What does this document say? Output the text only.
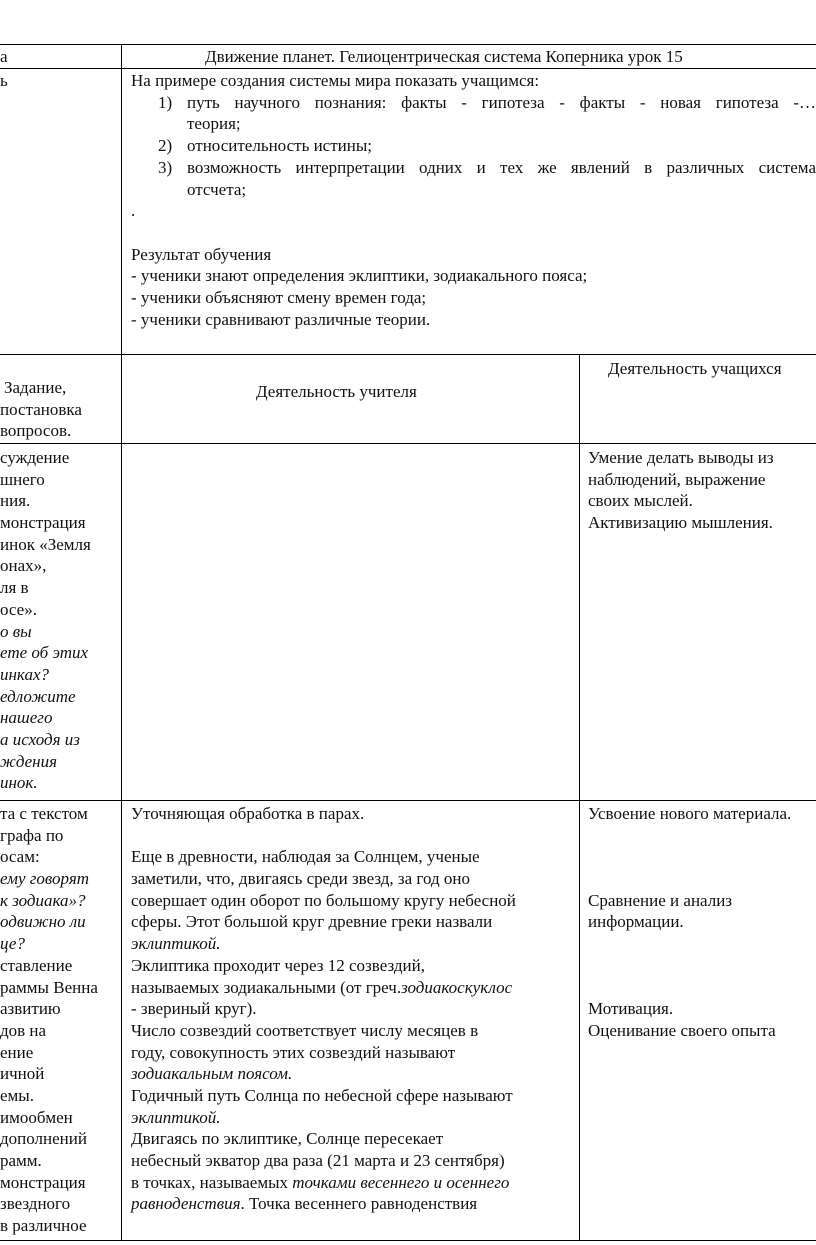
а	Движение планет. Гелиоцентрическая система Коперника урок 15
ь	На примере создания системы мира показать учащимся:
1) путь научного познания: факты - гипотеза - факты - новая гипотеза -…
теория;
2) относительность истины;
3) возможность интерпретации одних и тех же явлений в различных система
отсчета;
.
Результат обучения
- ученики знают определения эклиптики, зодиакального пояса;
- ученики объясняют смену времен года;
- ученики сравнивают различные теории.
Задание,
постановка
вопросов.
Деятельность учителя
Деятельность учащихся
суждение
шнего
ния.
монстрация
инок «Земля
онах»,
ля в
осе».
о вы
ете об этих
инках?
едложите
нашего
а исходя из
ждения
инок.
Умение делать выводы из
наблюдений, выражение
своих мыслей.
Активизацию мышления.
та с текстом
графа по
осам:
ему говорят
к зодиака»?
одвижно ли
це?
ставление
раммы Венна
азвитию
дов на
ение
ичной
емы.
имообмен
дополнений
рамм.
монстрация
звездного
в различное
Уточняющая обработка в парах.
Еще в древности, наблюдая за Солнцем, ученые
заметили, что, двигаясь среди звезд, за год оно
совершает один оборот по большому кругу небесной
сферы. Этот большой круг древние греки назвали
эклиптикой.
Эклиптика проходит через 12 созвездий,
называемых зодиакальными (от греч.зодиакоскуклос
- звериный круг).
Число созвездий соответствует числу месяцев в
году, совокупность этих созвездий называют
зодиакальным поясом.
Годичный путь Солнца по небесной сфере называют
эклиптикой.
Двигаясь по эклиптике, Солнце пересекает
небесный экватор два раза (21 марта и 23 сентября)
в точках, называемых точками весеннего и осеннего
равноденствия. Точка весеннего равноденствия
Усвоение нового материала.
Сравнение и анализ
информации.
Мотивация.
Оценивание своего опыта
